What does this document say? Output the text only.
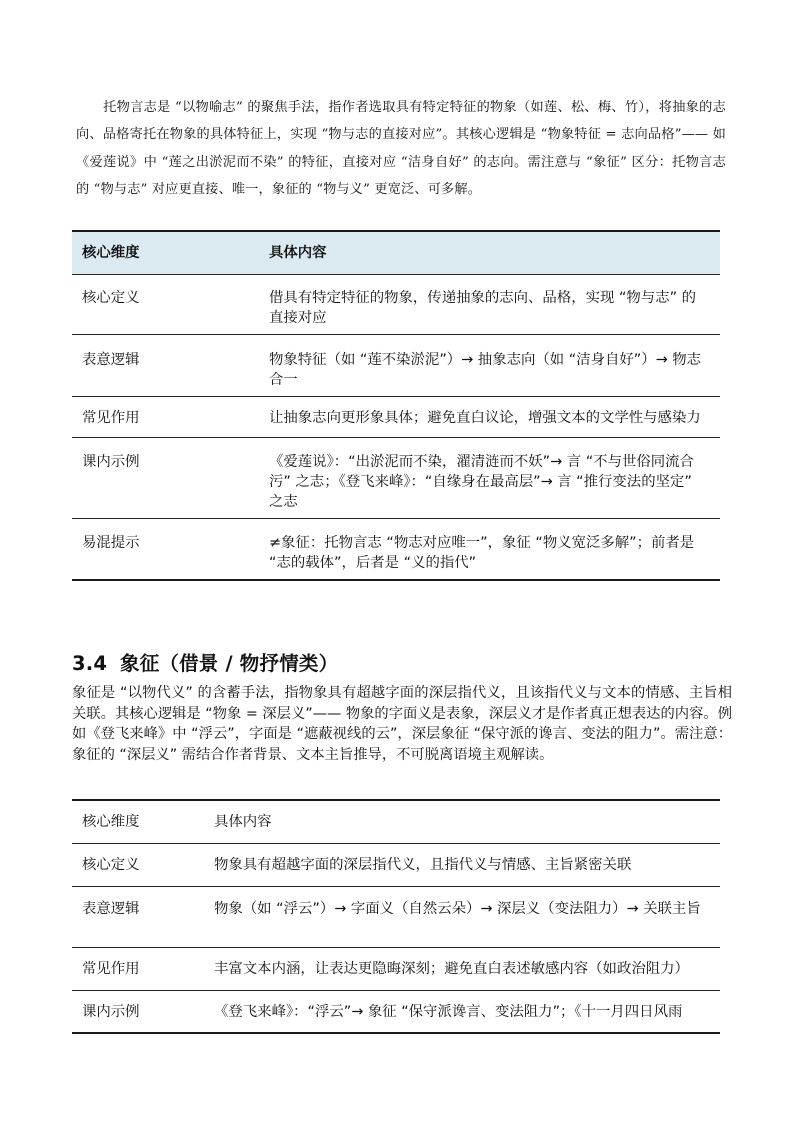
托物言志是 “以物喻志” 的聚焦手法，指作者选取具有特定特征的物象（如莲、松、梅、竹），将抽象的志向、品格寄托在物象的具体特征上，实现 “物与志的直接对应”。其核心逻辑是 “物象特征 = 志向品格”—— 如《爱莲说》中 “莲之出淤泥而不染” 的特征，直接对应 “洁身自好” 的志向。需注意与 “象征” 区分：托物言志的 “物与志” 对应更直接、唯一，象征的 “物与义” 更宽泛、可多解。

核心维度	具体内容
核心定义	借具有特定特征的物象，传递抽象的志向、品格，实现 “物与志” 的直接对应
表意逻辑	物象特征（如 “莲不染淤泥”）→ 抽象志向（如 “洁身自好”）→ 物志合一
常见作用	让抽象志向更形象具体；避免直白议论，增强文本的文学性与感染力
课内示例	《爱莲说》：“出淤泥而不染，濯清涟而不妖”→ 言 “不与世俗同流合污” 之志；《登飞来峰》：“自缘身在最高层”→ 言 “推行变法的坚定” 之志
易混提示	≠象征：托物言志 “物志对应唯一”，象征 “物义宽泛多解”；前者是 “志的载体”，后者是 “义的指代”
3.4 象征（借景 / 物抒情类）

象征是 “以物代义” 的含蓄手法，指物象具有超越字面的深层指代义，且该指代义与文本的情感、主旨相关联。其核心逻辑是 “物象 = 深层义”—— 物象的字面义是表象，深层义才是作者真正想表达的内容。例如《登飞来峰》中 “浮云”，字面是 “遮蔽视线的云”，深层象征 “保守派的谗言、变法的阻力”。需注意：象征的 “深层义” 需结合作者背景、文本主旨推导，不可脱离语境主观解读。

核心维度	具体内容
核心定义	物象具有超越字面的深层指代义，且指代义与情感、主旨紧密关联
表意逻辑	物象（如 “浮云”）→ 字面义（自然云朵）→ 深层义（变法阻力）→ 关联主旨
常见作用	丰富文本内涵，让表达更隐晦深刻；避免直白表述敏感内容（如政治阻力）
课内示例	《登飞来峰》：“浮云”→ 象征 “保守派谗言、变法阻力”；《十一月四日风雨
